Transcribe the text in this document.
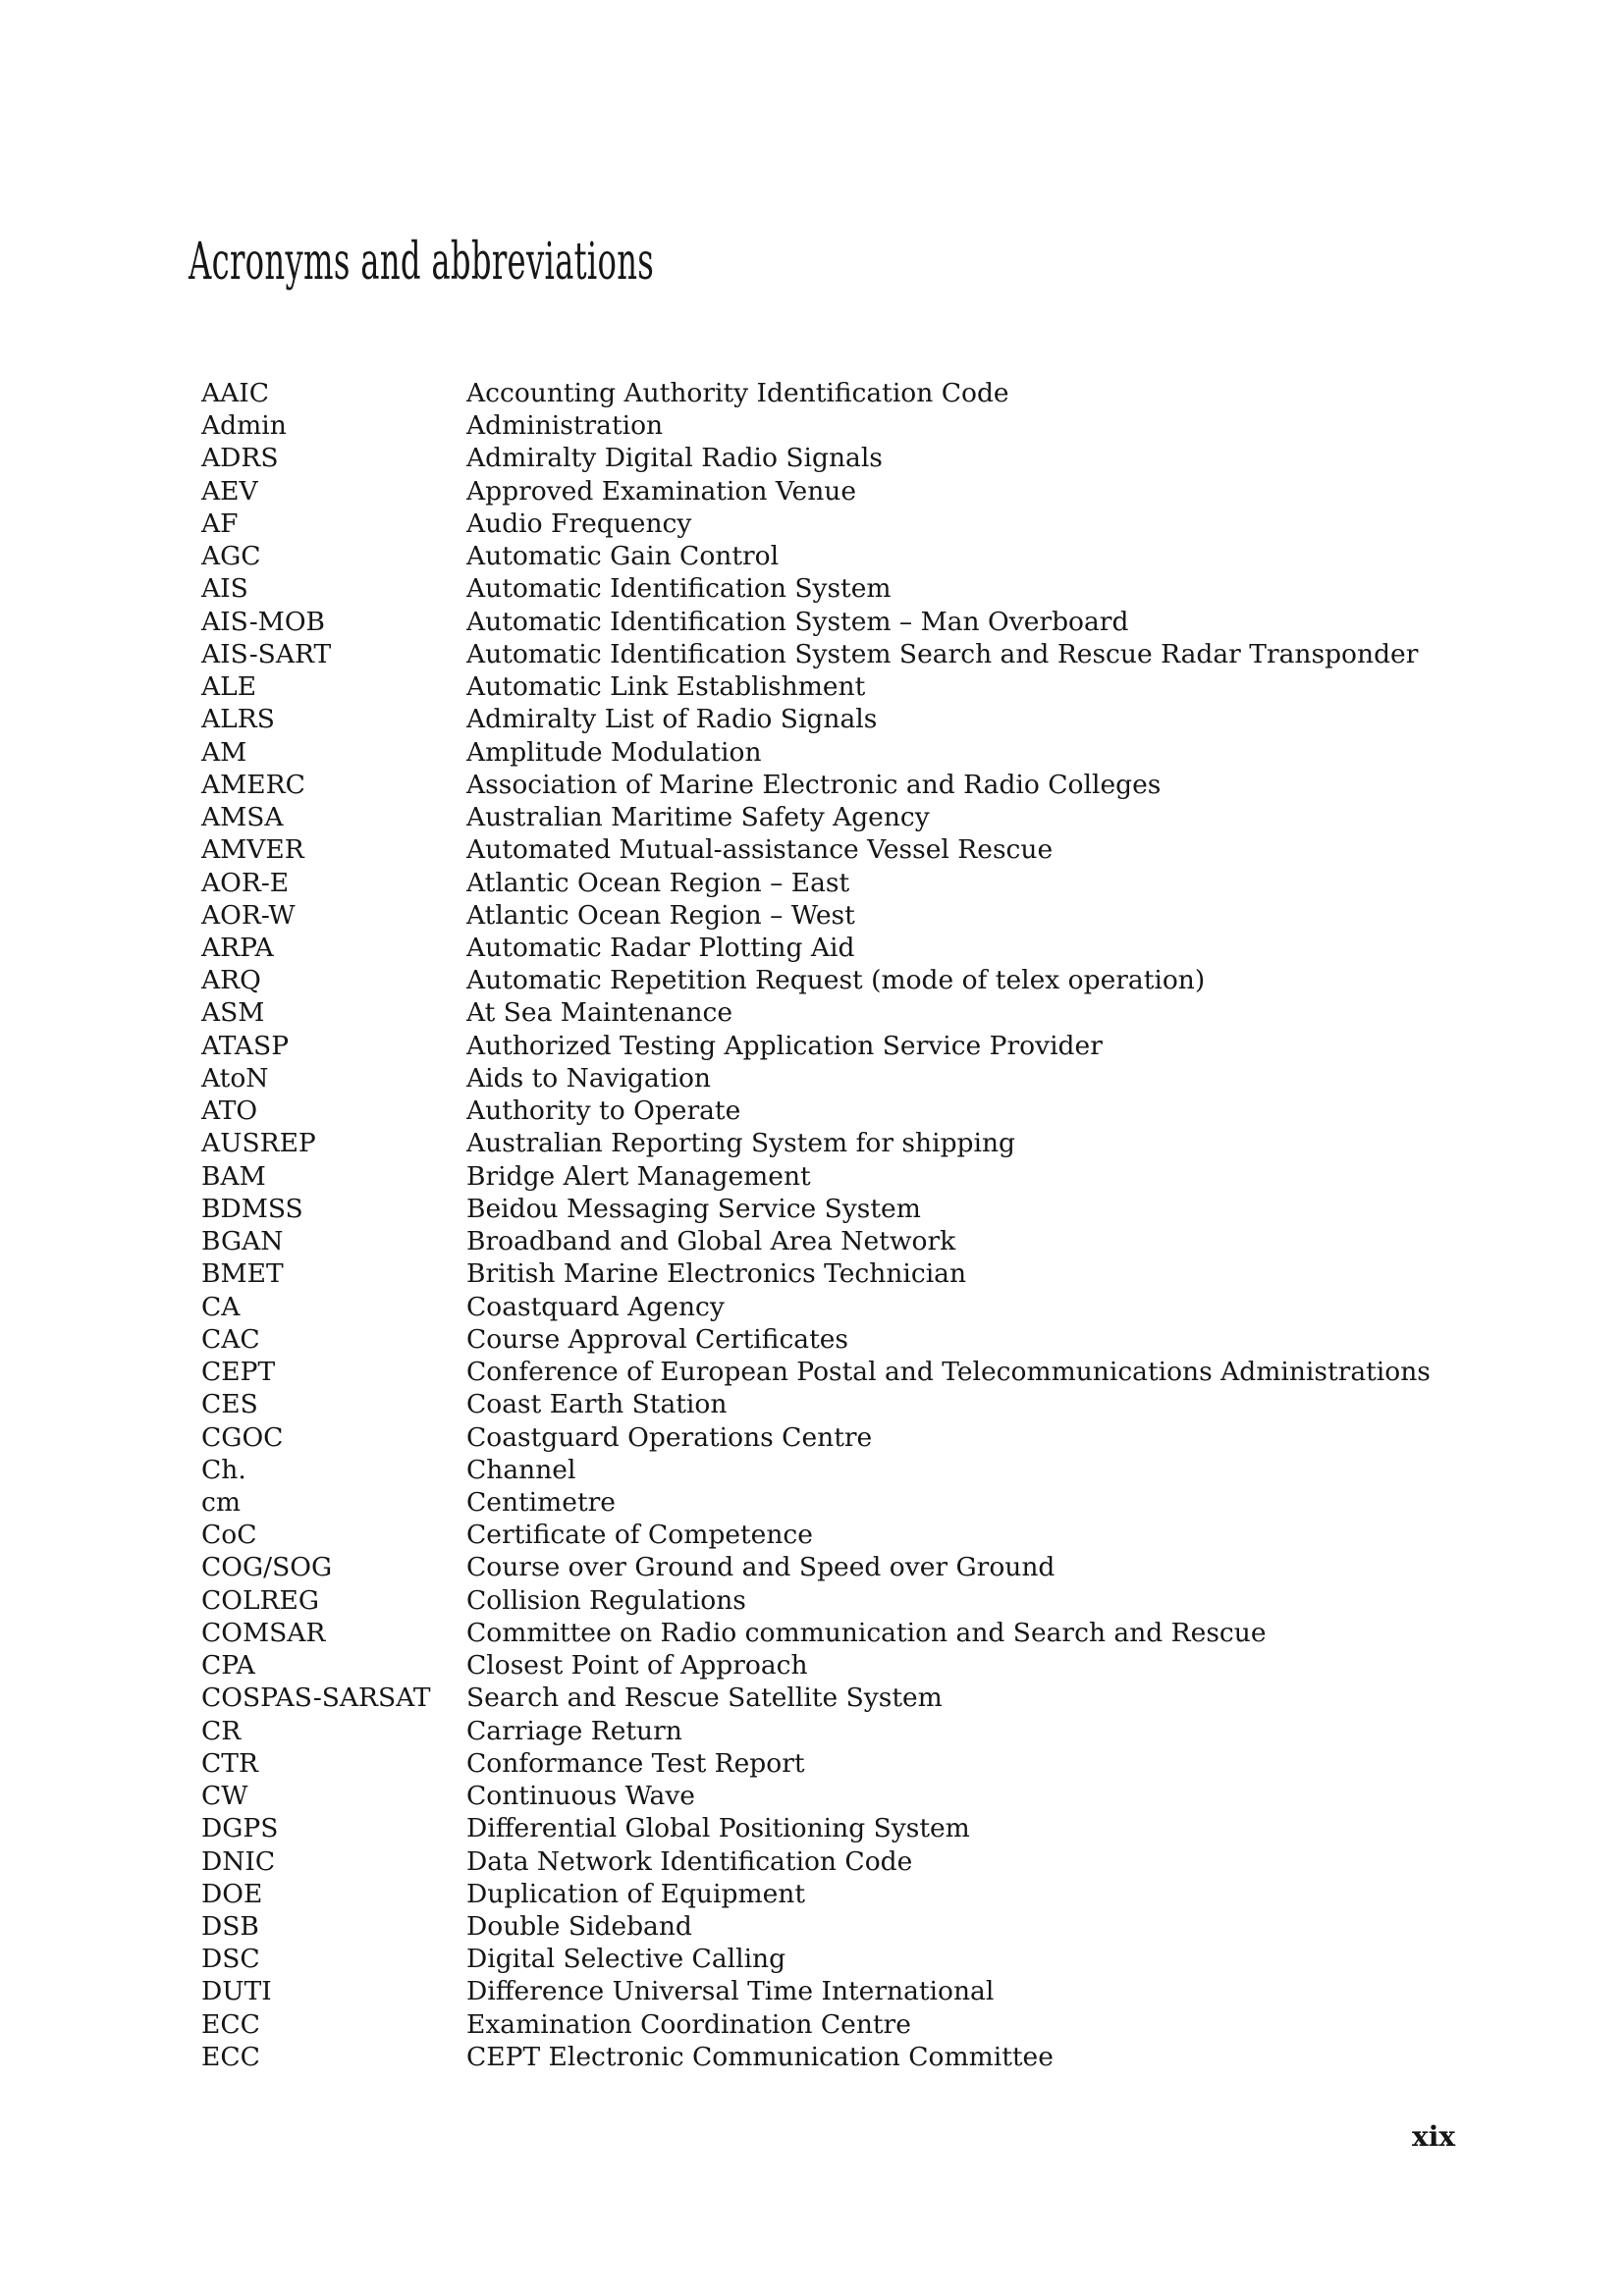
Acronyms and abbreviations
AAIC	Accounting Authority Identification Code
Admin	Administration
ADRS	Admiralty Digital Radio Signals
AEV	Approved Examination Venue
AF	Audio Frequency
AGC	Automatic Gain Control
AIS	Automatic Identification System
AIS-MOB	Automatic Identification System – Man Overboard
AIS-SART	Automatic Identification System Search and Rescue Radar Transponder
ALE	Automatic Link Establishment
ALRS	Admiralty List of Radio Signals
AM	Amplitude Modulation
AMERC	Association of Marine Electronic and Radio Colleges
AMSA	Australian Maritime Safety Agency
AMVER	Automated Mutual-assistance Vessel Rescue
AOR-E	Atlantic Ocean Region – East
AOR-W	Atlantic Ocean Region – West
ARPA	Automatic Radar Plotting Aid
ARQ	Automatic Repetition Request (mode of telex operation)
ASM	At Sea Maintenance
ATASP	Authorized Testing Application Service Provider
AtoN	Aids to Navigation
ATO	Authority to Operate
AUSREP	Australian Reporting System for shipping
BAM	Bridge Alert Management
BDMSS	Beidou Messaging Service System
BGAN	Broadband and Global Area Network
BMET	British Marine Electronics Technician
CA	Coastquard Agency
CAC	Course Approval Certificates
CEPT	Conference of European Postal and Telecommunications Administrations
CES	Coast Earth Station
CGOC	Coastguard Operations Centre
Ch.	Channel
cm	Centimetre
CoC	Certificate of Competence
COG/SOG	Course over Ground and Speed over Ground
COLREG	Collision Regulations
COMSAR	Committee on Radio communication and Search and Rescue
CPA	Closest Point of Approach
COSPAS-SARSAT	Search and Rescue Satellite System
CR	Carriage Return
CTR	Conformance Test Report
CW	Continuous Wave
DGPS	Differential Global Positioning System
DNIC	Data Network Identification Code
DOE	Duplication of Equipment
DSB	Double Sideband
DSC	Digital Selective Calling
DUTI	Difference Universal Time International
ECC	Examination Coordination Centre
ECC	CEPT Electronic Communication Committee
xix
